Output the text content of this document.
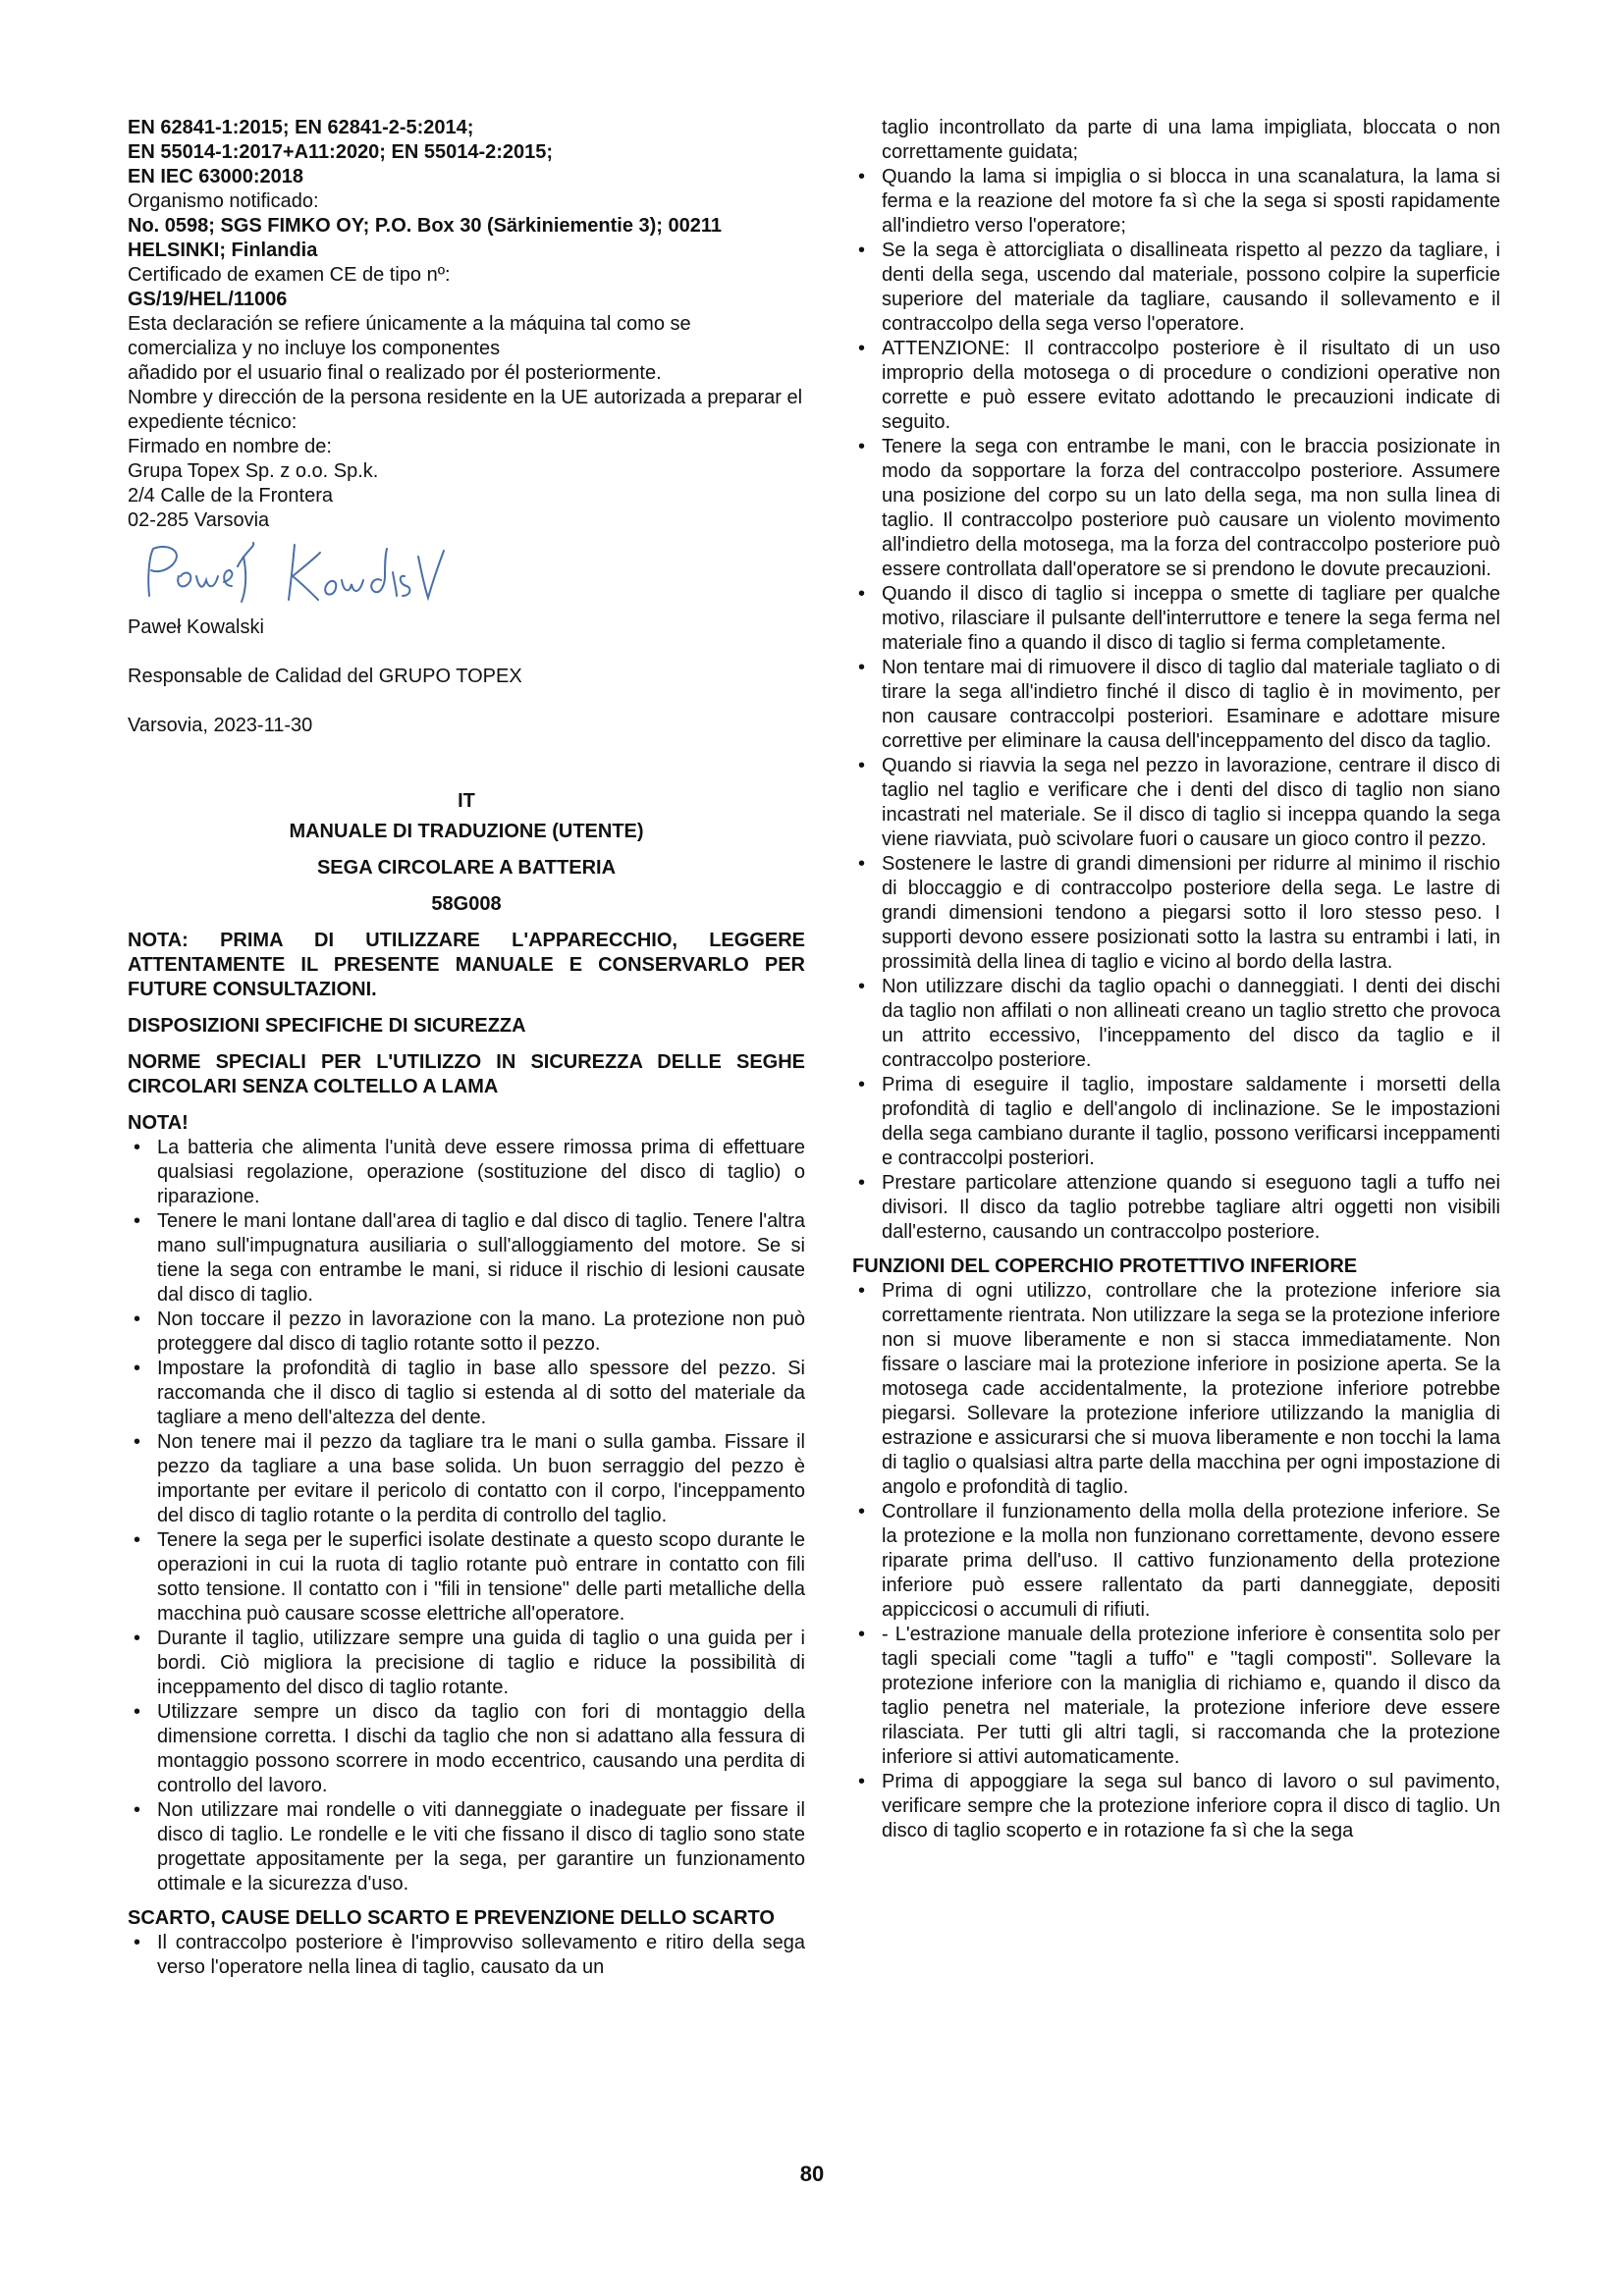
EN 62841-1:2015; EN 62841-2-5:2014;

EN 55014-1:2017+A11:2020; EN 55014-2:2015;

EN IEC 63000:2018

Organismo notificado:

No. 0598; SGS FIMKO OY; P.O. Box 30 (Särkiniementie 3); 00211 HELSINKI; Finlandia

Certificado de examen CE de tipo nº:

GS/19/HEL/11006

Esta declaración se refiere únicamente a la máquina tal como se comercializa y no incluye los componentes

añadido por el usuario final o realizado por él posteriormente.

Nombre y dirección de la persona residente en la UE autorizada a preparar el expediente técnico:

Firmado en nombre de:

Grupa Topex Sp. z o.o. Sp.k.

2/4 Calle de la Frontera

02-285 Varsovia

Paweł Kowalski

Responsable de Calidad del GRUPO TOPEX

Varsovia, 2023-11-30

IT

MANUALE DI TRADUZIONE (UTENTE)

SEGA CIRCOLARE A BATTERIA

58G008

NOTA: PRIMA DI UTILIZZARE L'APPARECCHIO, LEGGERE ATTENTAMENTE IL PRESENTE MANUALE E CONSERVARLO PER FUTURE CONSULTAZIONI.

DISPOSIZIONI SPECIFICHE DI SICUREZZA

NORME SPECIALI PER L'UTILIZZO IN SICUREZZA DELLE SEGHE CIRCOLARI SENZA COLTELLO A LAMA

NOTA!

• La batteria che alimenta l'unità deve essere rimossa prima di effettuare qualsiasi regolazione, operazione (sostituzione del disco di taglio) o riparazione.
• Tenere le mani lontane dall'area di taglio e dal disco di taglio. Tenere l'altra mano sull'impugnatura ausiliaria o sull'alloggiamento del motore. Se si tiene la sega con entrambe le mani, si riduce il rischio di lesioni causate dal disco di taglio.
• Non toccare il pezzo in lavorazione con la mano. La protezione non può proteggere dal disco di taglio rotante sotto il pezzo.
• Impostare la profondità di taglio in base allo spessore del pezzo. Si raccomanda che il disco di taglio si estenda al di sotto del materiale da tagliare a meno dell'altezza del dente.
• Non tenere mai il pezzo da tagliare tra le mani o sulla gamba. Fissare il pezzo da tagliare a una base solida. Un buon serraggio del pezzo è importante per evitare il pericolo di contatto con il corpo, l'inceppamento del disco di taglio rotante o la perdita di controllo del taglio.
• Tenere la sega per le superfici isolate destinate a questo scopo durante le operazioni in cui la ruota di taglio rotante può entrare in contatto con fili sotto tensione. Il contatto con i "fili in tensione" delle parti metalliche della macchina può causare scosse elettriche all'operatore.
• Durante il taglio, utilizzare sempre una guida di taglio o una guida per i bordi. Ciò migliora la precisione di taglio e riduce la possibilità di inceppamento del disco di taglio rotante.
• Utilizzare sempre un disco da taglio con fori di montaggio della dimensione corretta. I dischi da taglio che non si adattano alla fessura di montaggio possono scorrere in modo eccentrico, causando una perdita di controllo del lavoro.
• Non utilizzare mai rondelle o viti danneggiate o inadeguate per fissare il disco di taglio. Le rondelle e le viti che fissano il disco di taglio sono state progettate appositamente per la sega, per garantire un funzionamento ottimale e la sicurezza d'uso.

SCARTO, CAUSE DELLO SCARTO E PREVENZIONE DELLO SCARTO

• Il contraccolpo posteriore è l'improvviso sollevamento e ritiro della sega verso l'operatore nella linea di taglio, causato da un
taglio incontrollato da parte di una lama impigliata, bloccata o non correttamente guidata;
• Quando la lama si impiglia o si blocca in una scanalatura, la lama si ferma e la reazione del motore fa sì che la sega si sposti rapidamente all'indietro verso l'operatore;
• Se la sega è attorcigliata o disallineata rispetto al pezzo da tagliare, i denti della sega, uscendo dal materiale, possono colpire la superficie superiore del materiale da tagliare, causando il sollevamento e il contraccolpo della sega verso l'operatore.
• ATTENZIONE: Il contraccolpo posteriore è il risultato di un uso improprio della motosega o di procedure o condizioni operative non corrette e può essere evitato adottando le precauzioni indicate di seguito.
• Tenere la sega con entrambe le mani, con le braccia posizionate in modo da sopportare la forza del contraccolpo posteriore. Assumere una posizione del corpo su un lato della sega, ma non sulla linea di taglio. Il contraccolpo posteriore può causare un violento movimento all'indietro della motosega, ma la forza del contraccolpo posteriore può essere controllata dall'operatore se si prendono le dovute precauzioni.
• Quando il disco di taglio si inceppa o smette di tagliare per qualche motivo, rilasciare il pulsante dell'interruttore e tenere la sega ferma nel materiale fino a quando il disco di taglio si ferma completamente.
• Non tentare mai di rimuovere il disco di taglio dal materiale tagliato o di tirare la sega all'indietro finché il disco di taglio è in movimento, per non causare contraccolpi posteriori. Esaminare e adottare misure correttive per eliminare la causa dell'inceppamento del disco da taglio.
• Quando si riavvia la sega nel pezzo in lavorazione, centrare il disco di taglio nel taglio e verificare che i denti del disco di taglio non siano incastrati nel materiale. Se il disco di taglio si inceppa quando la sega viene riavviata, può scivolare fuori o causare un gioco contro il pezzo.
• Sostenere le lastre di grandi dimensioni per ridurre al minimo il rischio di bloccaggio e di contraccolpo posteriore della sega. Le lastre di grandi dimensioni tendono a piegarsi sotto il loro stesso peso. I supporti devono essere posizionati sotto la lastra su entrambi i lati, in prossimità della linea di taglio e vicino al bordo della lastra.
• Non utilizzare dischi da taglio opachi o danneggiati. I denti dei dischi da taglio non affilati o non allineati creano un taglio stretto che provoca un attrito eccessivo, l'inceppamento del disco da taglio e il contraccolpo posteriore.
• Prima di eseguire il taglio, impostare saldamente i morsetti della profondità di taglio e dell'angolo di inclinazione. Se le impostazioni della sega cambiano durante il taglio, possono verificarsi inceppamenti e contraccolpi posteriori.
• Prestare particolare attenzione quando si eseguono tagli a tuffo nei divisori. Il disco da taglio potrebbe tagliare altri oggetti non visibili dall'esterno, causando un contraccolpo posteriore.

FUNZIONI DEL COPERCHIO PROTETTIVO INFERIORE

• Prima di ogni utilizzo, controllare che la protezione inferiore sia correttamente rientrata. Non utilizzare la sega se la protezione inferiore non si muove liberamente e non si stacca immediatamente. Non fissare o lasciare mai la protezione inferiore in posizione aperta. Se la motosega cade accidentalmente, la protezione inferiore potrebbe piegarsi. Sollevare la protezione inferiore utilizzando la maniglia di estrazione e assicurarsi che si muova liberamente e non tocchi la lama di taglio o qualsiasi altra parte della macchina per ogni impostazione di angolo e profondità di taglio.
• Controllare il funzionamento della molla della protezione inferiore. Se la protezione e la molla non funzionano correttamente, devono essere riparate prima dell'uso. Il cattivo funzionamento della protezione inferiore può essere rallentato da parti danneggiate, depositi appiccicosi o accumuli di rifiuti.
• - L'estrazione manuale della protezione inferiore è consentita solo per tagli speciali come "tagli a tuffo" e "tagli composti". Sollevare la protezione inferiore con la maniglia di richiamo e, quando il disco da taglio penetra nel materiale, la protezione inferiore deve essere rilasciata. Per tutti gli altri tagli, si raccomanda che la protezione inferiore si attivi automaticamente.
• Prima di appoggiare la sega sul banco di lavoro o sul pavimento, verificare sempre che la protezione inferiore copra il disco di taglio. Un disco di taglio scoperto e in rotazione fa sì che la sega
80
